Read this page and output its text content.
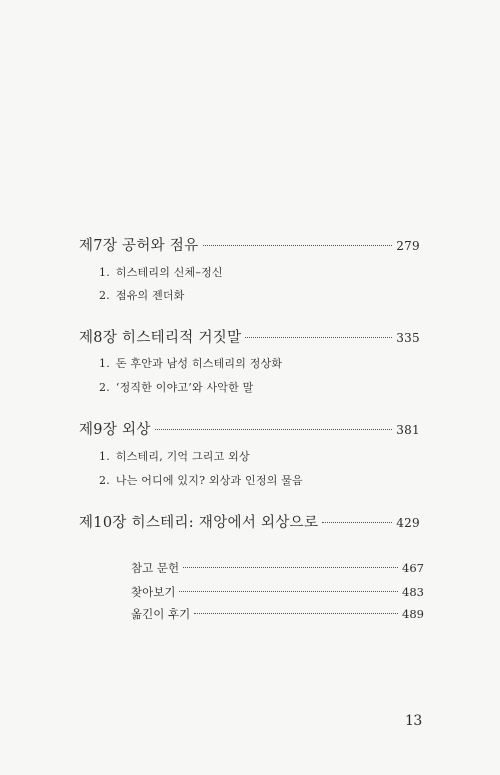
제7장 공허와 점유	279
1. 히스테리의 신체–정신
2. 점유의 젠더화
제8장 히스테리적 거짓말	335
1. 돈 후안과 남성 히스테리의 정상화
2. ‘정직한 이야고’와 사악한 말
제9장 외상	381
1. 히스테리, 기억 그리고 외상
2. 나는 어디에 있지? 외상과 인정의 물음
제10장 히스테리: 재앙에서 외상으로	429
참고 문헌	467
찾아보기	483
옮긴이 후기	489
13
